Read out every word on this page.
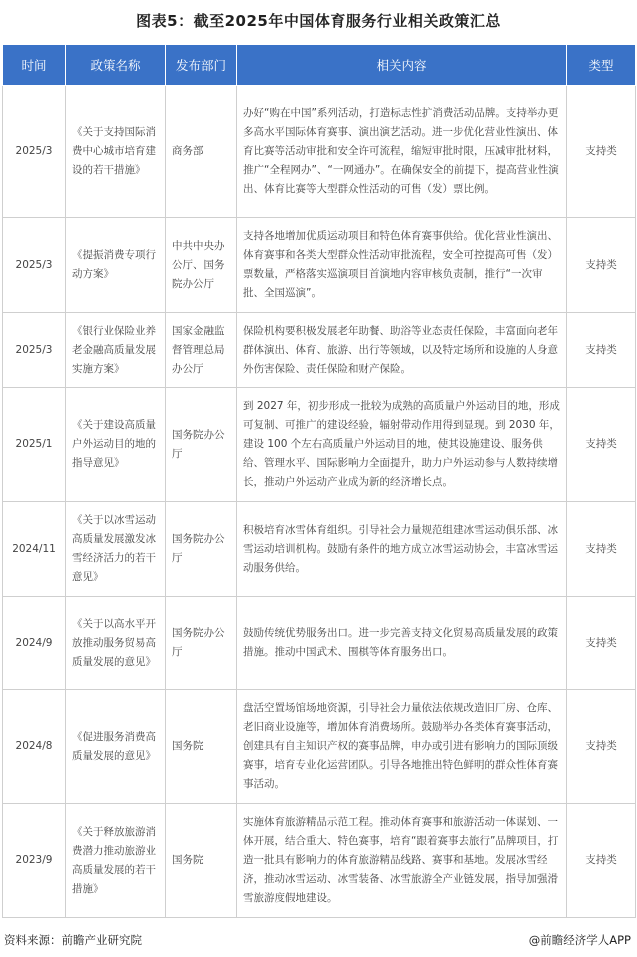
图表5：截至2025年中国体育服务行业相关政策汇总
时间	政策名称	发布部门	相关内容	类型
2025/3	《关于支持国际消费中心城市培育建设的若干措施》	商务部	办好“购在中国”系列活动，打造标志性扩消费活动品牌。支持举办更多高水平国际体育赛事、演出演艺活动。进一步优化营业性演出、体育比赛等活动审批和安全许可流程，缩短审批时限，压减审批材料，推广“全程网办”、“一网通办”。在确保安全的前提下，提高营业性演出、体育比赛等大型群众性活动的可售（发）票比例。	支持类
2025/3	《提振消费专项行动方案》	中共中央办公厅、国务院办公厅	支持各地增加优质运动项目和特色体育赛事供给。优化营业性演出、体育赛事和各类大型群众性活动审批流程，安全可控提高可售（发）票数量，严格落实巡演项目首演地内容审核负责制，推行“一次审批、全国巡演”。	支持类
2025/3	《银行业保险业养老金融高质量发展实施方案》	国家金融监督管理总局办公厅	保险机构要积极发展老年助餐、助浴等业态责任保险，丰富面向老年群体演出、体育、旅游、出行等领域，以及特定场所和设施的人身意外伤害保险、责任保险和财产保险。	支持类
2025/1	《关于建设高质量户外运动目的地的指导意见》	国务院办公厅	到 2027 年，初步形成一批较为成熟的高质量户外运动目的地，形成可复制、可推广的建设经验，辐射带动作用得到显现。到 2030 年，建设 100 个左右高质量户外运动目的地，使其设施建设、服务供给、管理水平、国际影响力全面提升，助力户外运动参与人数持续增长，推动户外运动产业成为新的经济增长点。	支持类
2024/11	《关于以冰雪运动高质量发展激发冰雪经济活力的若干意见》	国务院办公厅	积极培育冰雪体育组织。引导社会力量规范组建冰雪运动俱乐部、冰雪运动培训机构。鼓励有条件的地方成立冰雪运动协会，丰富冰雪运动服务供给。	支持类
2024/9	《关于以高水平开放推动服务贸易高质量发展的意见》	国务院办公厅	鼓励传统优势服务出口。进一步完善支持文化贸易高质量发展的政策措施。推动中国武术、围棋等体育服务出口。	支持类
2024/8	《促进服务消费高质量发展的意见》	国务院	盘活空置场馆场地资源，引导社会力量依法依规改造旧厂房、仓库、老旧商业设施等，增加体育消费场所。鼓励举办各类体育赛事活动，创建具有自主知识产权的赛事品牌，申办或引进有影响力的国际顶级赛事，培育专业化运营团队。引导各地推出特色鲜明的群众性体育赛事活动。	支持类
2023/9	《关于释放旅游消费潜力推动旅游业高质量发展的若干措施》	国务院	实施体育旅游精品示范工程。推动体育赛事和旅游活动一体谋划、一体开展，结合重大、特色赛事，培育“跟着赛事去旅行”品牌项目，打造一批具有影响力的体育旅游精品线路、赛事和基地。发展冰雪经济，推动冰雪运动、冰雪装备、冰雪旅游全产业链发展，指导加强滑雪旅游度假地建设。	支持类
资料来源：前瞻产业研究院	@前瞻经济学人APP
